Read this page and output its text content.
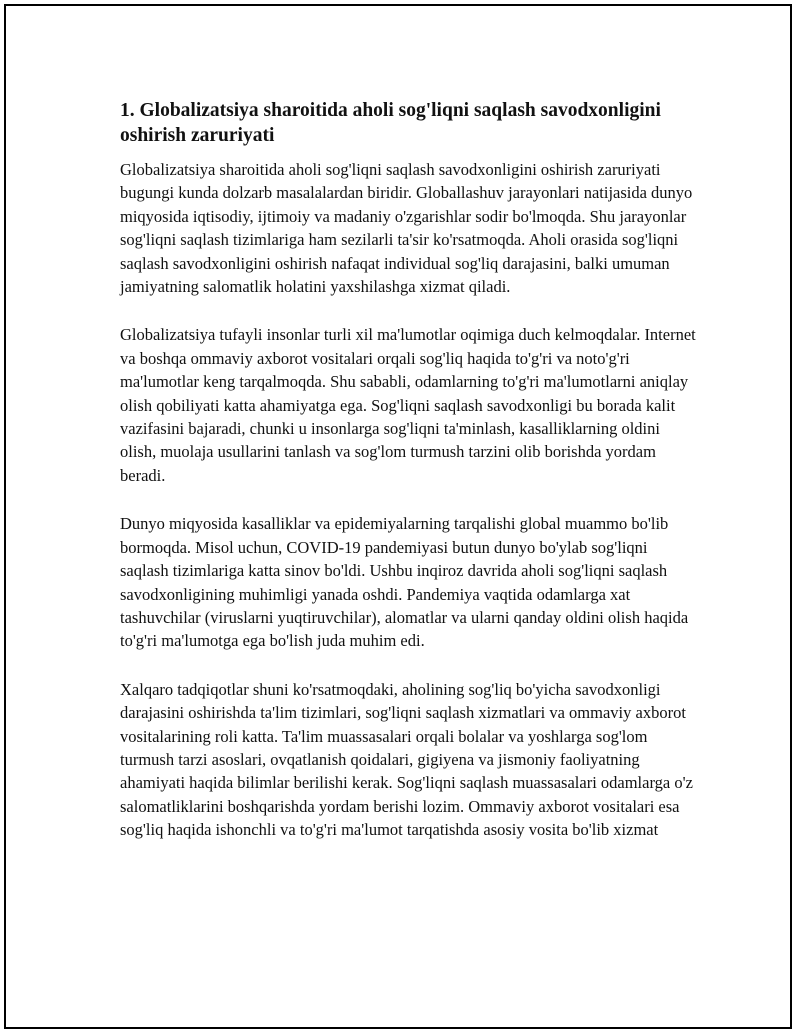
1. Globalizatsiya sharoitida aholi sog'liqni saqlash savodxonligini oshirish zaruriyati

Globalizatsiya sharoitida aholi sog'liqni saqlash savodxonligini oshirish zaruriyati bugungi kunda dolzarb masalalardan biridir. Globallashuv jarayonlari natijasida dunyo miqyosida iqtisodiy, ijtimoiy va madaniy o'zgarishlar sodir bo'lmoqda. Shu jarayonlar sog'liqni saqlash tizimlariga ham sezilarli ta'sir ko'rsatmoqda. Aholi orasida sog'liqni saqlash savodxonligini oshirish nafaqat individual sog'liq darajasini, balki umuman jamiyatning salomatlik holatini yaxshilashga xizmat qiladi.

Globalizatsiya tufayli insonlar turli xil ma'lumotlar oqimiga duch kelmoqdalar. Internet va boshqa ommaviy axborot vositalari orqali sog'liq haqida to'g'ri va noto'g'ri ma'lumotlar keng tarqalmoqda. Shu sababli, odamlarning to'g'ri ma'lumotlarni aniqlay olish qobiliyati katta ahamiyatga ega. Sog'liqni saqlash savodxonligi bu borada kalit vazifasini bajaradi, chunki u insonlarga sog'liqni ta'minlash, kasalliklarning oldini olish, muolaja usullarini tanlash va sog'lom turmush tarzini olib borishda yordam beradi.

Dunyo miqyosida kasalliklar va epidemiyalarning tarqalishi global muammo bo'lib bormoqda. Misol uchun, COVID-19 pandemiyasi butun dunyo bo'ylab sog'liqni saqlash tizimlariga katta sinov bo'ldi. Ushbu inqiroz davrida aholi sog'liqni saqlash savodxonligining muhimligi yanada oshdi. Pandemiya vaqtida odamlarga xat tashuvchilar (viruslarni yuqtiruvchilar), alomatlar va ularni qanday oldini olish haqida to'g'ri ma'lumotga ega bo'lish juda muhim edi.

Xalqaro tadqiqotlar shuni ko'rsatmoqdaki, aholining sog'liq bo'yicha savodxonligi darajasini oshirishda ta'lim tizimlari, sog'liqni saqlash xizmatlari va ommaviy axborot vositalarining roli katta. Ta'lim muassasalari orqali bolalar va yoshlarga sog'lom turmush tarzi asoslari, ovqatlanish qoidalari, gigiyena va jismoniy faoliyatning ahamiyati haqida bilimlar berilishi kerak. Sog'liqni saqlash muassasalari odamlarga o'z salomatliklarini boshqarishda yordam berishi lozim. Ommaviy axborot vositalari esa sog'liq haqida ishonchli va to'g'ri ma'lumot tarqatishda asosiy vosita bo'lib xizmat
